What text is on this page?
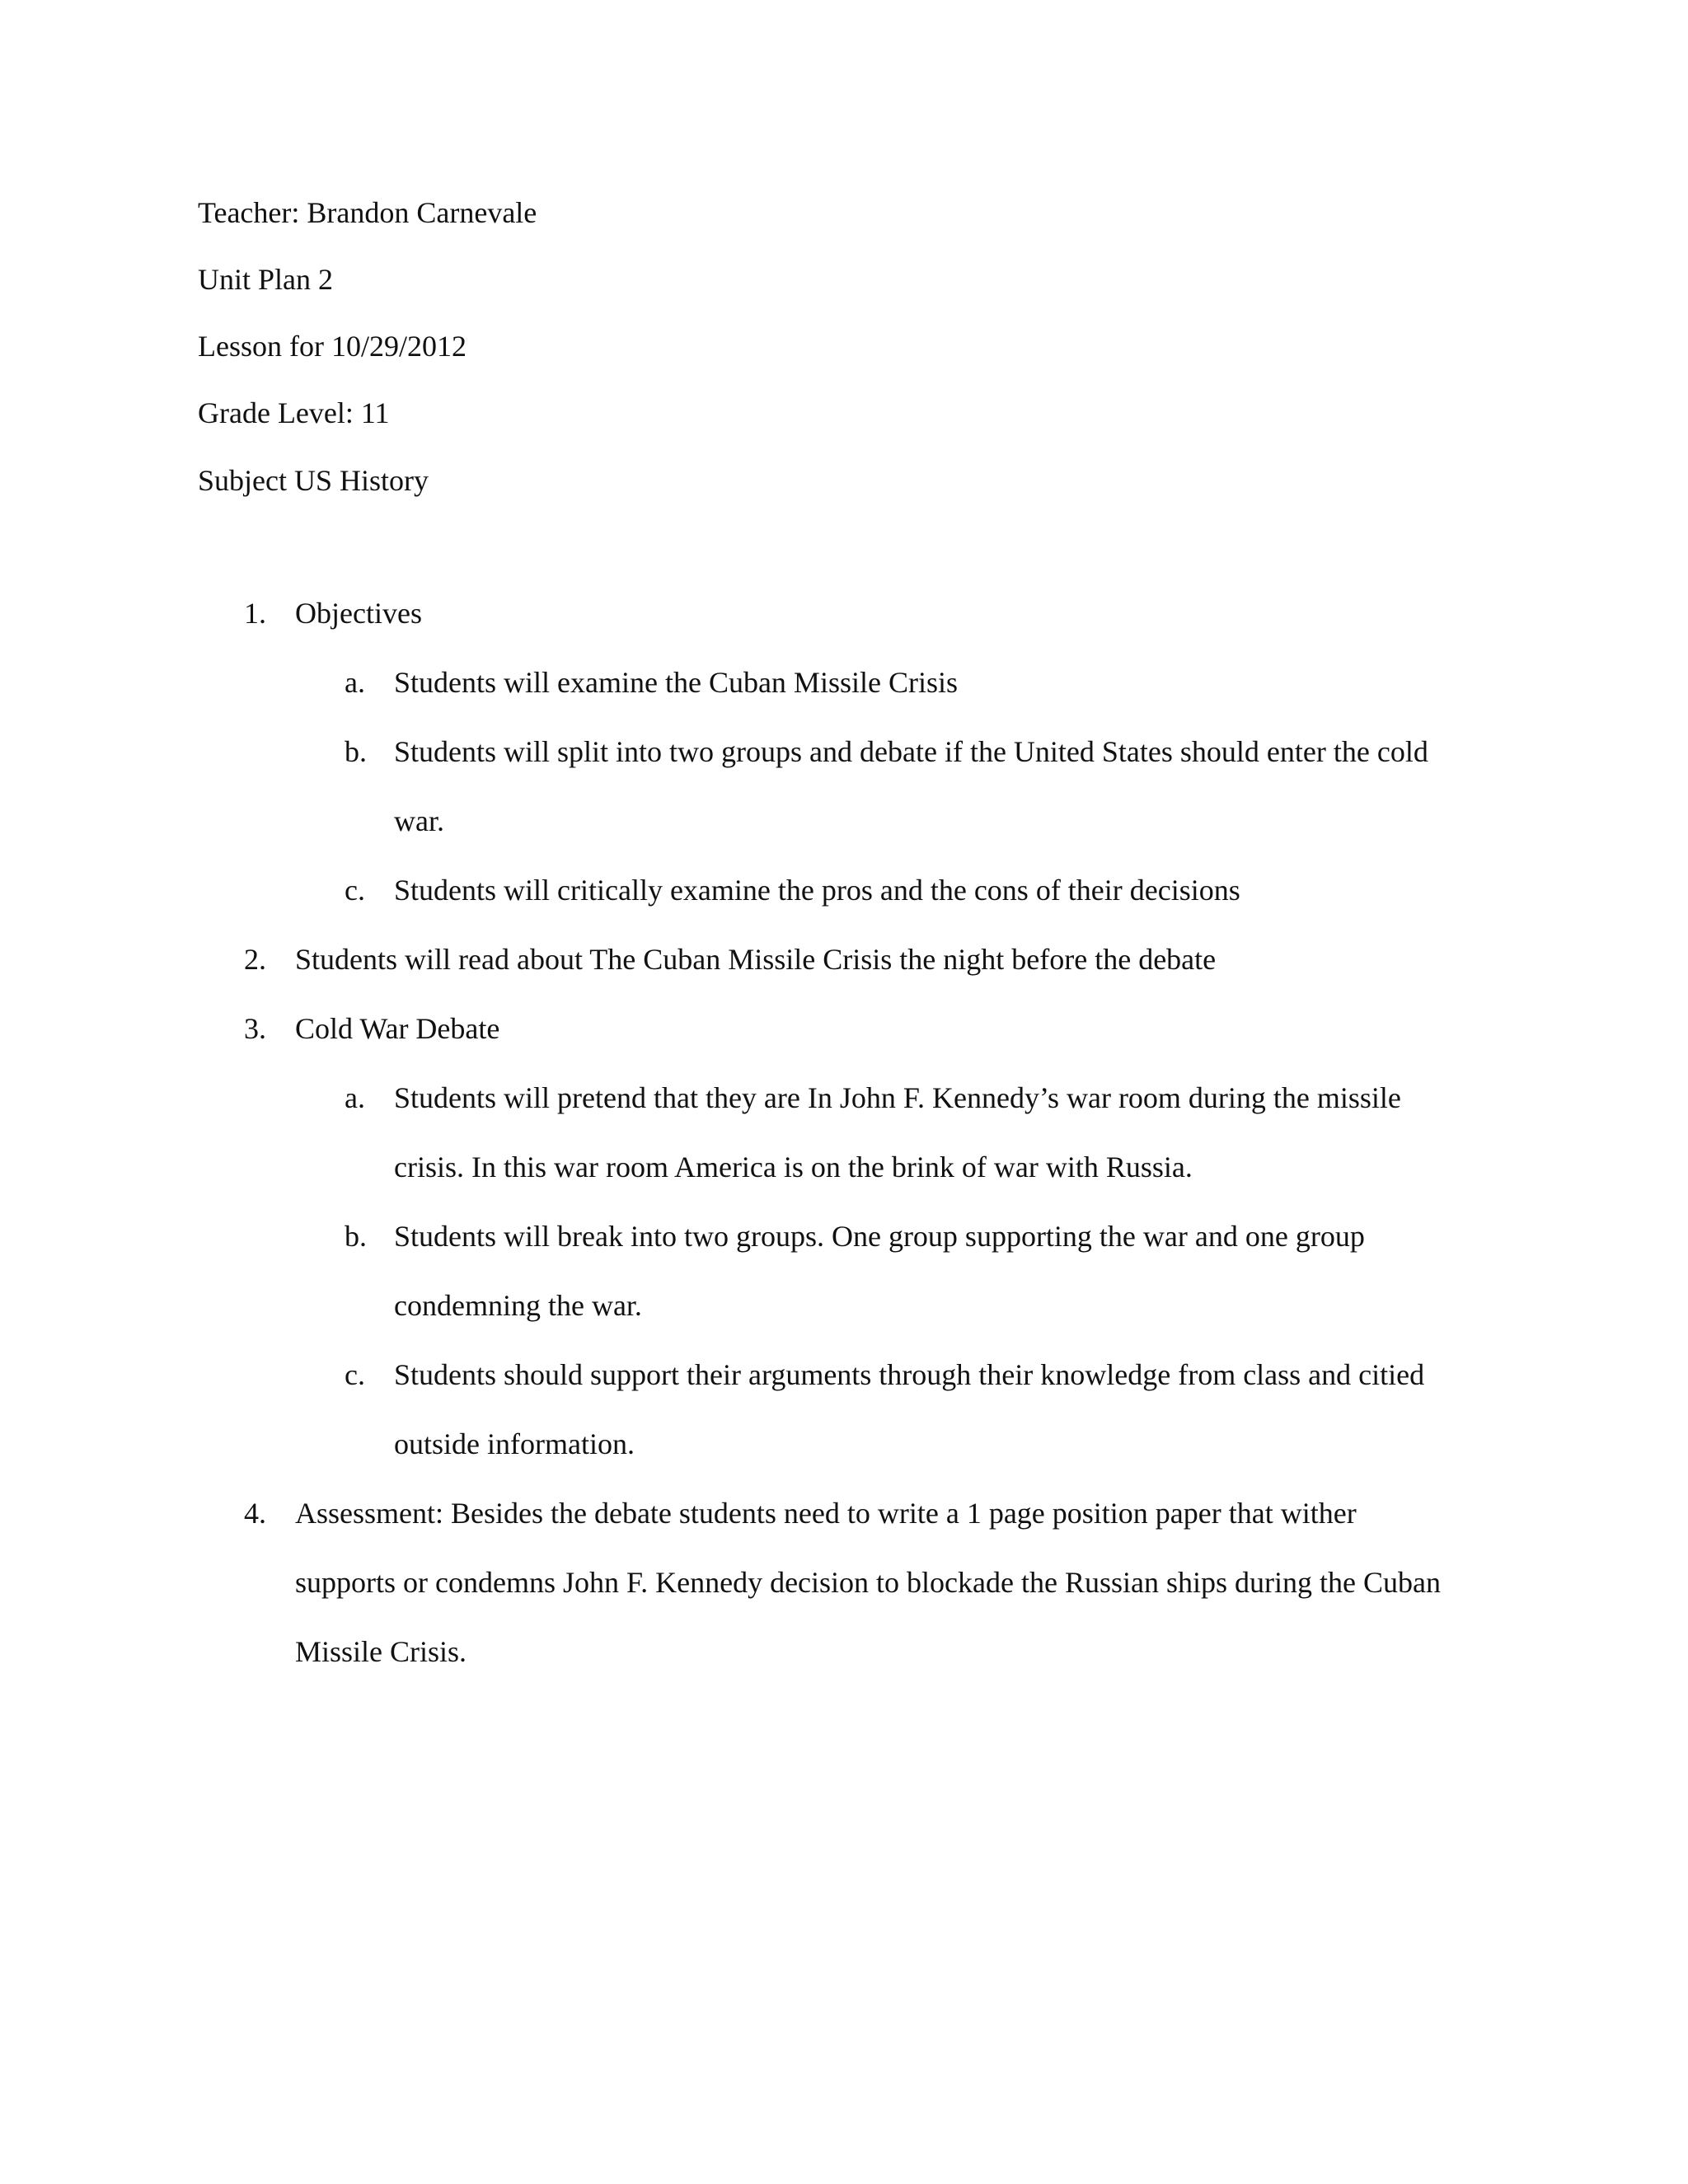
Teacher: Brandon Carnevale
Unit Plan 2
Lesson for 10/29/2012
Grade Level: 11
Subject US History
1. Objectives
a. Students will examine the Cuban Missile Crisis
b. Students will split into two groups and debate if the United States should enter the cold
war.
c. Students will critically examine the pros and the cons of their decisions
2. Students will read about The Cuban Missile Crisis the night before the debate
3. Cold War Debate
a. Students will pretend that they are In John F. Kennedy’s war room during the missile
crisis. In this war room America is on the brink of war with Russia.
b. Students will break into two groups. One group supporting the war and one group
condemning the war.
c. Students should support their arguments through their knowledge from class and citied
outside information.
4. Assessment: Besides the debate students need to write a 1 page position paper that wither
supports or condemns John F. Kennedy decision to blockade the Russian ships during the Cuban
Missile Crisis.
